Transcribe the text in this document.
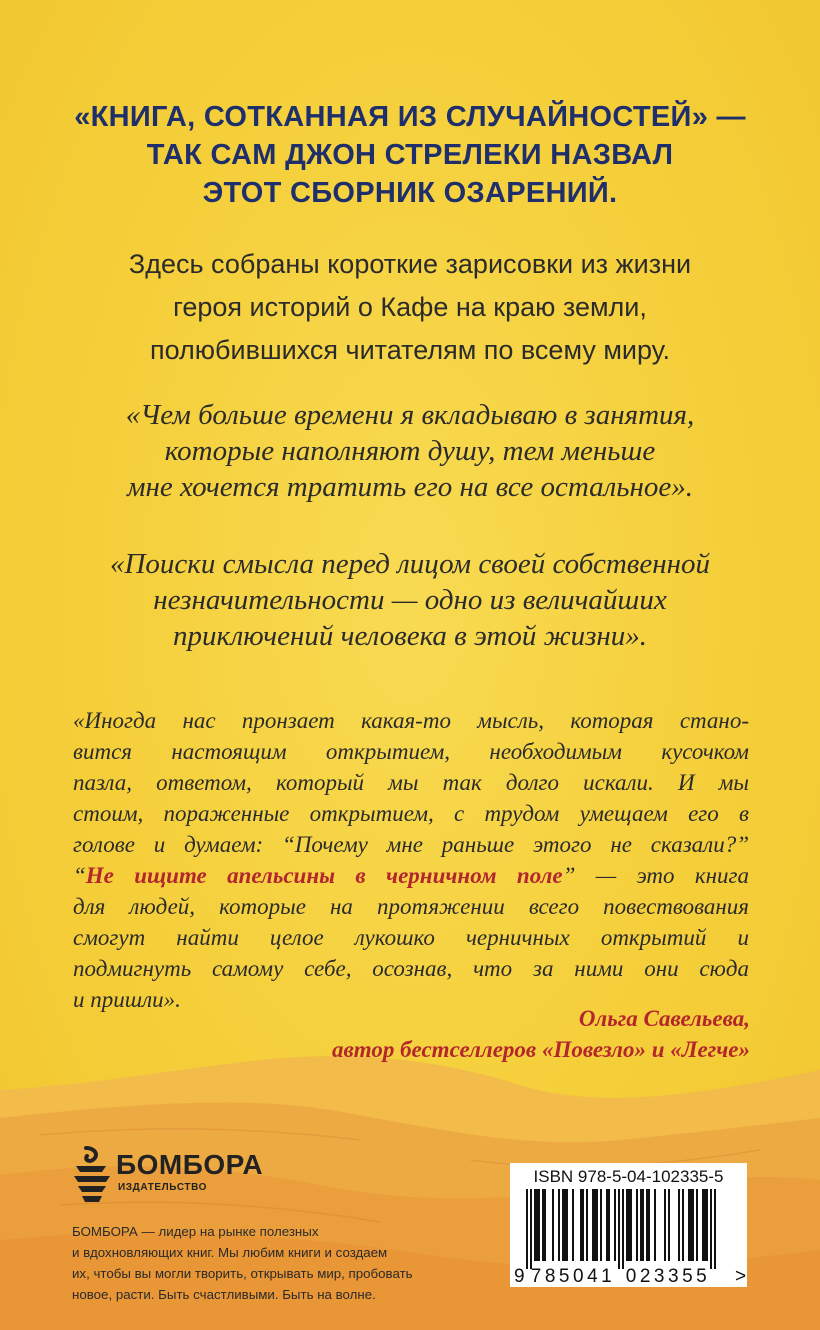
«КНИГА, СОТКАННАЯ ИЗ СЛУЧАЙНОСТЕЙ» —
ТАК САМ ДЖОН СТРЕЛЕКИ НАЗВАЛ
ЭТОТ СБОРНИК ОЗАРЕНИЙ.

Здесь собраны короткие зарисовки из жизни
героя историй о Кафе на краю земли,
полюбившихся читателям по всему миру.

«Чем больше времени я вкладываю в занятия,
которые наполняют душу, тем меньше
мне хочется тратить его на все остальное».

«Поиски смысла перед лицом своей собственной
незначительности — одно из величайших
приключений человека в этой жизни».

«Иногда нас пронзает какая-то мысль, которая стано-
вится настоящим открытием, необходимым кусочком
пазла, ответом, который мы так долго искали. И мы
стоим, пораженные открытием, с трудом умещаем его в
голове и думаем: “Почему мне раньше этого не сказали?”
“Не ищите апельсины в черничном поле” — это книга
для людей, которые на протяжении всего повествования
смогут найти целое лукошко черничных открытий и
подмигнуть самому себе, осознав, что за ними они сюда
и пришли».

Ольга Савельева,
автор бестселлеров «Повезло» и «Легче»

БОМБОРА
ИЗДАТЕЛЬСТВО

БОМБОРА — лидер на рынке полезных
и вдохновляющих книг. Мы любим книги и создаем
их, чтобы вы могли творить, открывать мир, пробовать
новое, расти. Быть счастливыми. Быть на волне.

ISBN 978-5-04-102335-5
9 785041 023355 >
